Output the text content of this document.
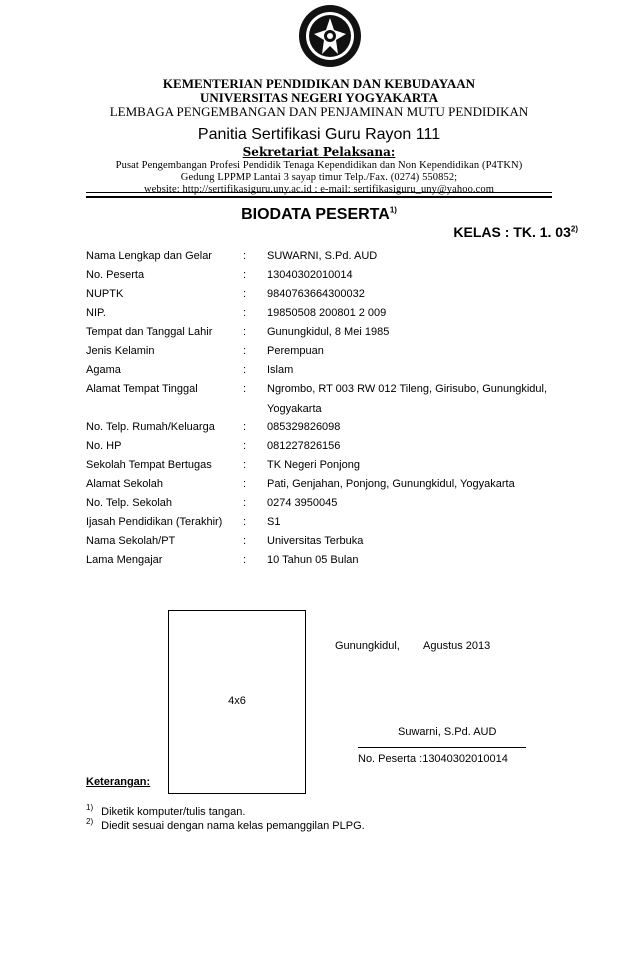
KEMENTERIAN PENDIDIKAN DAN KEBUDAYAAN
UNIVERSITAS NEGERI YOGYAKARTA
LEMBAGA PENGEMBANGAN DAN PENJAMINAN MUTU PENDIDIKAN
Panitia Sertifikasi Guru Rayon 111
Sekretariat Pelaksana:
Pusat Pengembangan Profesi Pendidik Tenaga Kependidikan dan Non Kependidikan (P4TKN)
Gedung LPPMP Lantai 3 sayap timur Telp./Fax. (0274) 550852;
website: http://sertifikasiguru.uny.ac.id : e-mail: sertifikasiguru_uny@yahoo.com
BIODATA PESERTA$^{1)}$
KELAS : TK. 1. 03$^{2)}$
Nama Lengkap dan Gelar	: SUWARNI, S.Pd. AUD
No. Peserta	: 13040302010014
NUPTK	: 9840763664300032
NIP.	: 19850508 200801 2 009
Tempat dan Tanggal Lahir	: Gunungkidul, 8 Mei 1985
Jenis Kelamin	: Perempuan
Agama	: Islam
Alamat Tempat Tinggal	: Ngrombo, RT 003 RW 012 Tileng, Girisubo, Gunungkidul,
Yogyakarta
No. Telp. Rumah/Keluarga	: 085329826098
No. HP	: 081227826156
Sekolah Tempat Bertugas	: TK Negeri Ponjong
Alamat Sekolah	: Pati, Genjahan, Ponjong, Gunungkidul, Yogyakarta
No. Telp. Sekolah	: 0274 3950045
Ijasah Pendidikan (Terakhir) : S1
Nama Sekolah/PT	: Universitas Terbuka
Lama Mengajar	: 10 Tahun 05 Bulan
4x6
Gunungkidul, Agustus 2013
Suwarni, S.Pd. AUD
No. Peserta :13040302010014
Keterangan:
$^{1)}$ Diketik komputer/tulis tangan.
$^{2)}$ Diedit sesuai dengan nama kelas pemanggilan PLPG.
